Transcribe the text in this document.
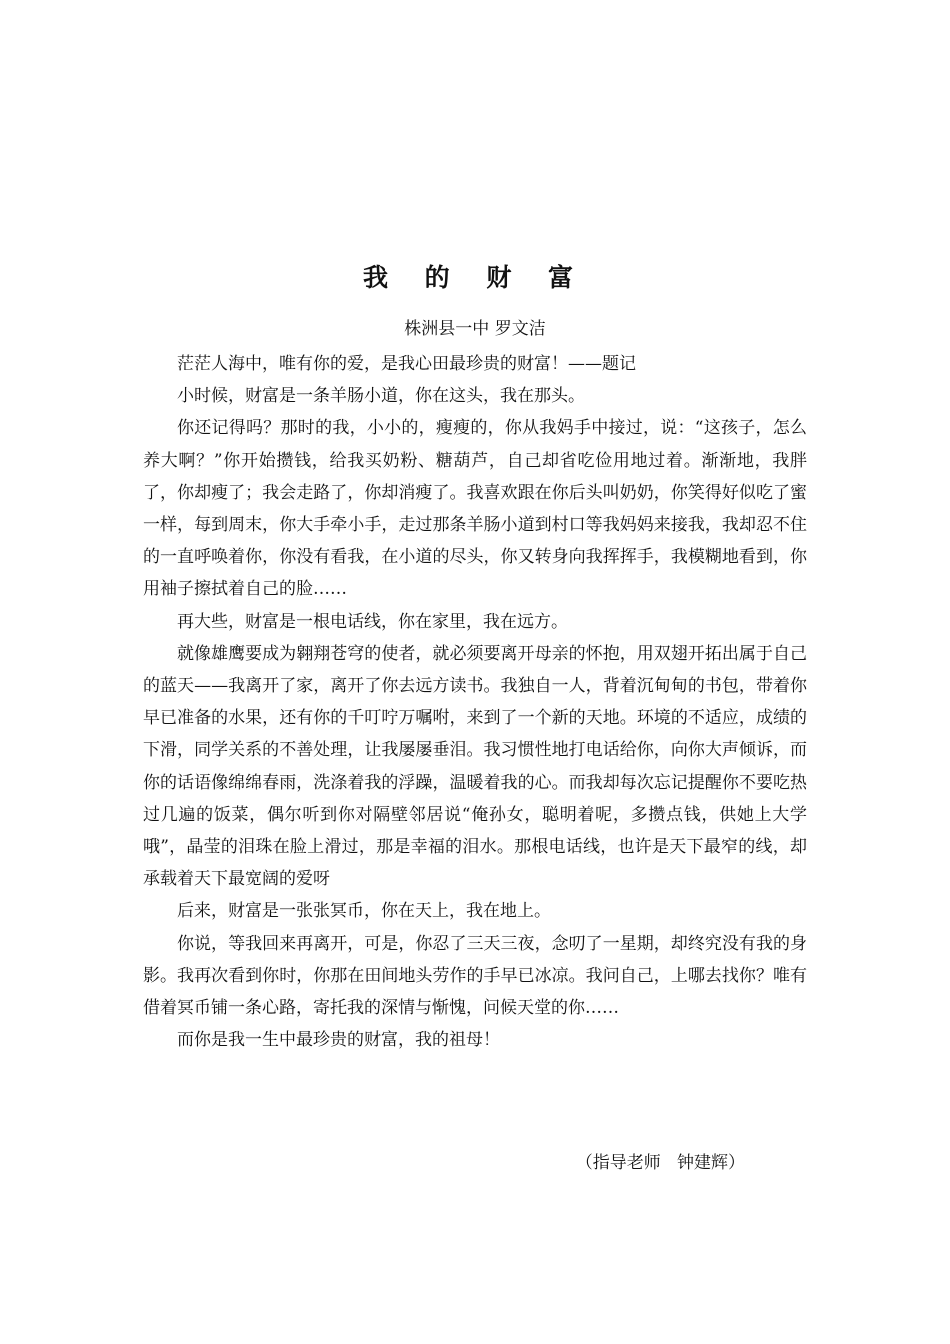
我 的 财 富
株洲县一中 罗文洁

茫茫人海中，唯有你的爱，是我心田最珍贵的财富！——题记

小时候，财富是一条羊肠小道，你在这头，我在那头。

你还记得吗？那时的我，小小的，瘦瘦的，你从我妈手中接过，说：“这孩子，怎么养大啊？”你开始攒钱，给我买奶粉、糖葫芦，自己却省吃俭用地过着。渐渐地，我胖了，你却瘦了；我会走路了，你却消瘦了。我喜欢跟在你后头叫奶奶，你笑得好似吃了蜜一样，每到周末，你大手牵小手，走过那条羊肠小道到村口等我妈妈来接我，我却忍不住的一直呼唤着你，你没有看我，在小道的尽头，你又转身向我挥挥手，我模糊地看到，你用袖子擦拭着自己的脸……

再大些，财富是一根电话线，你在家里，我在远方。

就像雄鹰要成为翱翔苍穹的使者，就必须要离开母亲的怀抱，用双翅开拓出属于自己的蓝天——我离开了家，离开了你去远方读书。我独自一人，背着沉甸甸的书包，带着你早已准备的水果，还有你的千叮咛万嘱咐，来到了一个新的天地。环境的不适应，成绩的下滑，同学关系的不善处理，让我屡屡垂泪。我习惯性地打电话给你，向你大声倾诉，而你的话语像绵绵春雨，洗涤着我的浮躁，温暖着我的心。而我却每次忘记提醒你不要吃热过几遍的饭菜，偶尔听到你对隔壁邻居说“俺孙女，聪明着呢，多攒点钱，供她上大学哦”，晶莹的泪珠在脸上滑过，那是幸福的泪水。那根电话线，也许是天下最窄的线，却承载着天下最宽阔的爱呀

后来，财富是一张张冥币，你在天上，我在地上。

你说，等我回来再离开，可是，你忍了三天三夜，念叨了一星期，却终究没有我的身影。我再次看到你时，你那在田间地头劳作的手早已冰凉。我问自己，上哪去找你？唯有借着冥币铺一条心路，寄托我的深情与惭愧，问候天堂的你……

而你是我一生中最珍贵的财富，我的祖母！

（指导老师   钟建辉）
